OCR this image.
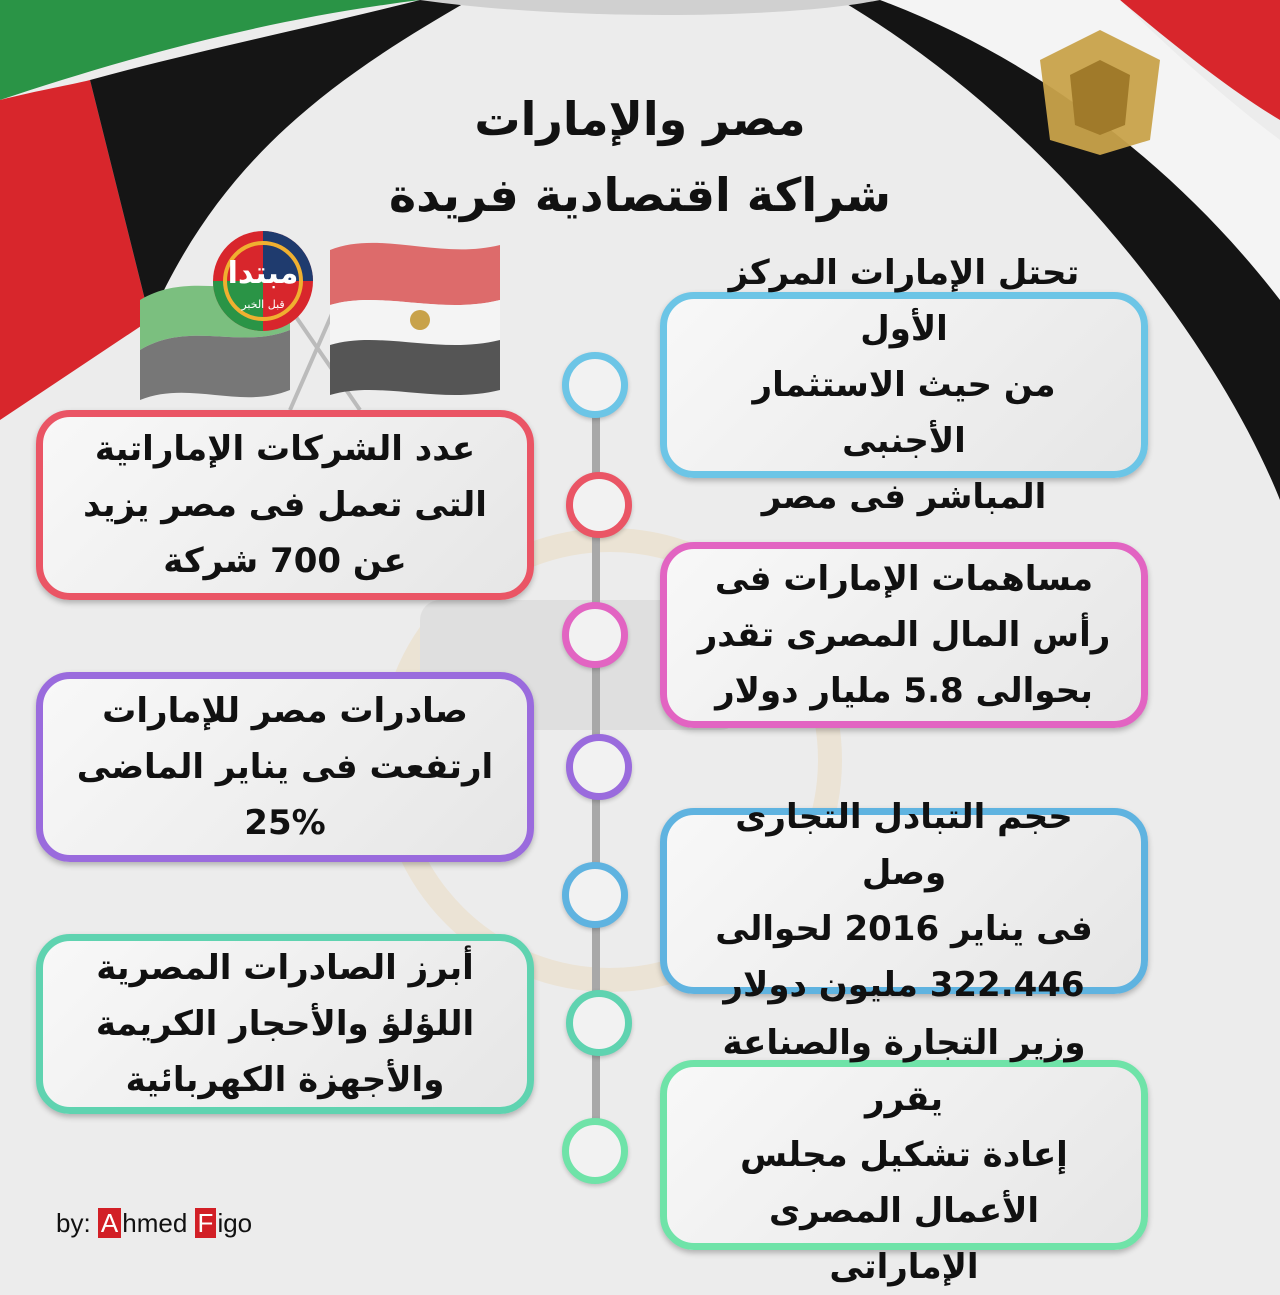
مصر والإمارات
شراكة اقتصادية فريدة
مبتدا
قبل الخبر
تحتل الإمارات المركز الأول
من حيث الاستثمار الأجنبى
المباشر فى مصر
مساهمات الإمارات فى
رأس المال المصرى تقدر
بحوالى 5.8 مليار دولار
حجم التبادل التجارى وصل
فى يناير 2016 لحوالى
322.446 مليون دولار
وزير التجارة والصناعة يقرر
إعادة تشكيل مجلس
الأعمال المصرى الإماراتى
عدد الشركات الإماراتية
التى تعمل فى مصر يزيد
عن 700 شركة
صادرات مصر للإمارات
ارتفعت فى يناير الماضى
25%
أبرز الصادرات المصرية
اللؤلؤ والأحجار الكريمة
والأجهزة الكهربائية
by: A hmed F igo
